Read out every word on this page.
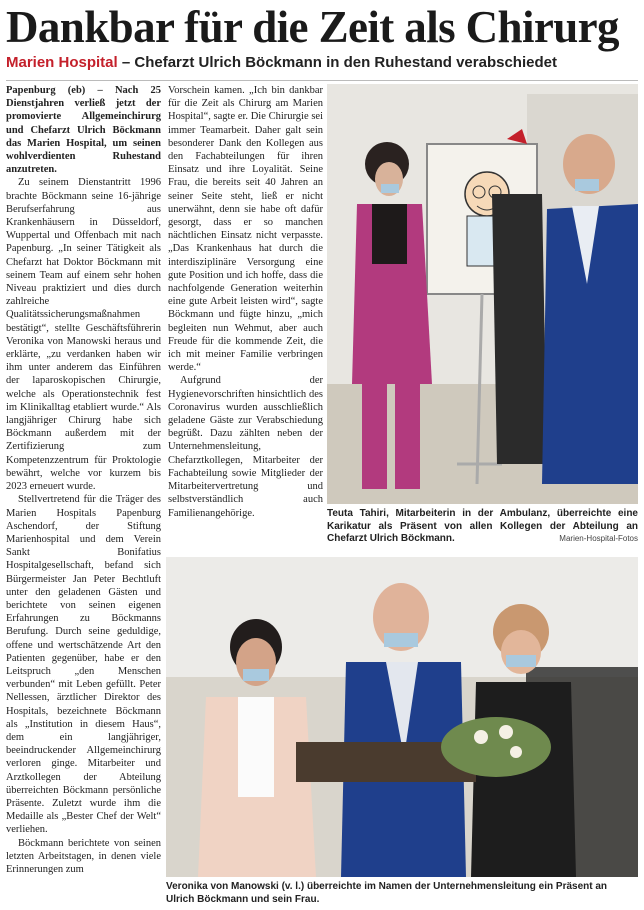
Dankbar für die Zeit als Chirurg
Marien Hospital – Chefarzt Ulrich Böckmann in den Ruhestand verabschiedet

Papenburg (eb) – Nach 25 Dienstjahren verließ jetzt der promovierte Allgemeinchirurg und Chefarzt Ulrich Böckmann das Marien Hospital, um seinen wohlverdienten Ruhestand anzutreten.

Zu seinem Dienstantritt 1996 brachte Böckmann seine 16-jährige Berufserfahrung aus Krankenhäusern in Düsseldorf, Wuppertal und Offenbach mit nach Papenburg. „In seiner Tätigkeit als Chefarzt hat Doktor Böckmann mit seinem Team auf einem sehr hohen Niveau praktiziert und dies durch zahlreiche Qualitätssicherungsmaßnahmen bestätigt“, stellte Geschäftsführerin Veronika von Manowski heraus und erklärte, „zu verdanken haben wir ihm unter anderem das Einführen der laparoskopischen Chirurgie, welche als Operationstechnik fest im Klinikalltag etabliert wurde.“ Als langjähriger Chirurg habe sich Böckmann außerdem mit der Zertifizierung zum Kompetenzzentrum für Proktologie bewährt, welche vor kurzem bis 2023 erneuert wurde.

Stellvertretend für die Träger des Marien Hospitals Papenburg Aschendorf, der Stiftung Marienhospital und dem Verein Sankt Bonifatius Hospitalgesellschaft, befand sich Bürgermeister Jan Peter Bechtluft unter den geladenen Gästen und berichtete von seinen eigenen Erfahrungen zu Böckmanns Berufung. Durch seine geduldige, offene und wertschätzende Art den Patienten gegenüber, habe er den Leitspruch „den Menschen verbunden“ mit Leben gefüllt. Peter Nellessen, ärztlicher Direktor des Hospitals, bezeichnete Böckmann als „Institution in diesem Haus“, dem ein langjähriger, beeindruckender Allgemeinchirurg verloren ginge. Mitarbeiter und Arztkollegen der Abteilung überreichten Böckmann persönliche Präsente. Zuletzt wurde ihm die Medaille als „Bester Chef der Welt“ verliehen.

Böckmann berichtete von seinen letzten Arbeitstagen, in denen viele Erinnerungen zum

Vorschein kamen. „Ich bin dankbar für die Zeit als Chirurg am Marien Hospital“, sagte er. Die Chirurgie sei immer Teamarbeit. Daher galt sein besonderer Dank den Kollegen aus den Fachabteilungen für ihren Einsatz und ihre Loyalität. Seine Frau, die bereits seit 40 Jahren an seiner Seite steht, ließ er nicht unerwähnt, denn sie habe oft dafür gesorgt, dass er so manchen nächtlichen Einsatz nicht verpasste. „Das Krankenhaus hat durch die interdisziplinäre Versorgung eine gute Position und ich hoffe, dass die nachfolgende Generation weiterhin eine gute Arbeit leisten wird“, sagte Böckmann und fügte hinzu, „mich begleiten nun Wehmut, aber auch Freude für die kommende Zeit, die ich mit meiner Familie verbringen werde.“

Aufgrund der Hygienevorschriften hinsichtlich des Coronavirus wurden ausschließlich geladene Gäste zur Verabschiedung begrüßt. Dazu zählten neben der Unternehmensleitung, Chefarztkollegen, Mitarbeiter der Fachabteilung sowie Mitglieder der Mitarbeitervertretung und selbstverständlich auch Familienangehörige.	Teuta Tahiri, Mitarbeiterin in der Ambulanz, überreichte eine Karikatur als Präsent von allen Kollegen der Abteilung an Chefarzt Ulrich Böckmann.	Marien-Hospital-Fotos
Veronika von Manowski (v. l.) überreichte im Namen der Unternehmensleitung ein Präsent an Ulrich Böckmann und sein Frau.
